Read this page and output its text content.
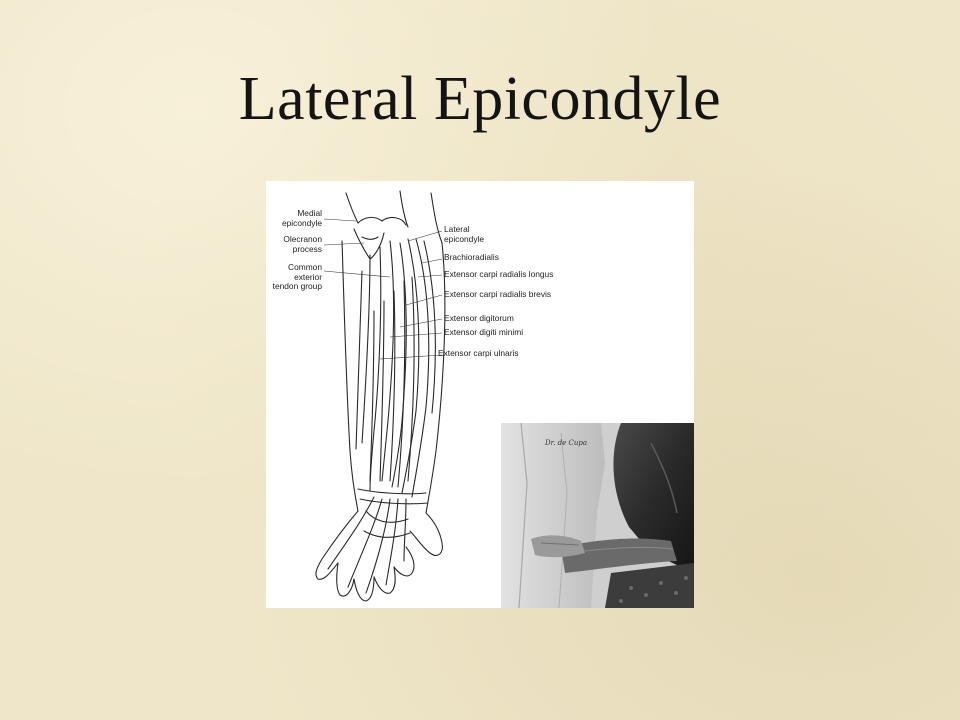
Lateral Epicondyle
Medial epicondyle
Olecranon process
Common exterior tendon group
Lateral epicondyle
Brachioradialis
Extensor carpi radialis longus
Extensor carpi radialis brevis
Extensor digitorum
Extensor digiti minimi
Extensor carpi ulnaris
Dr. de Cupa
